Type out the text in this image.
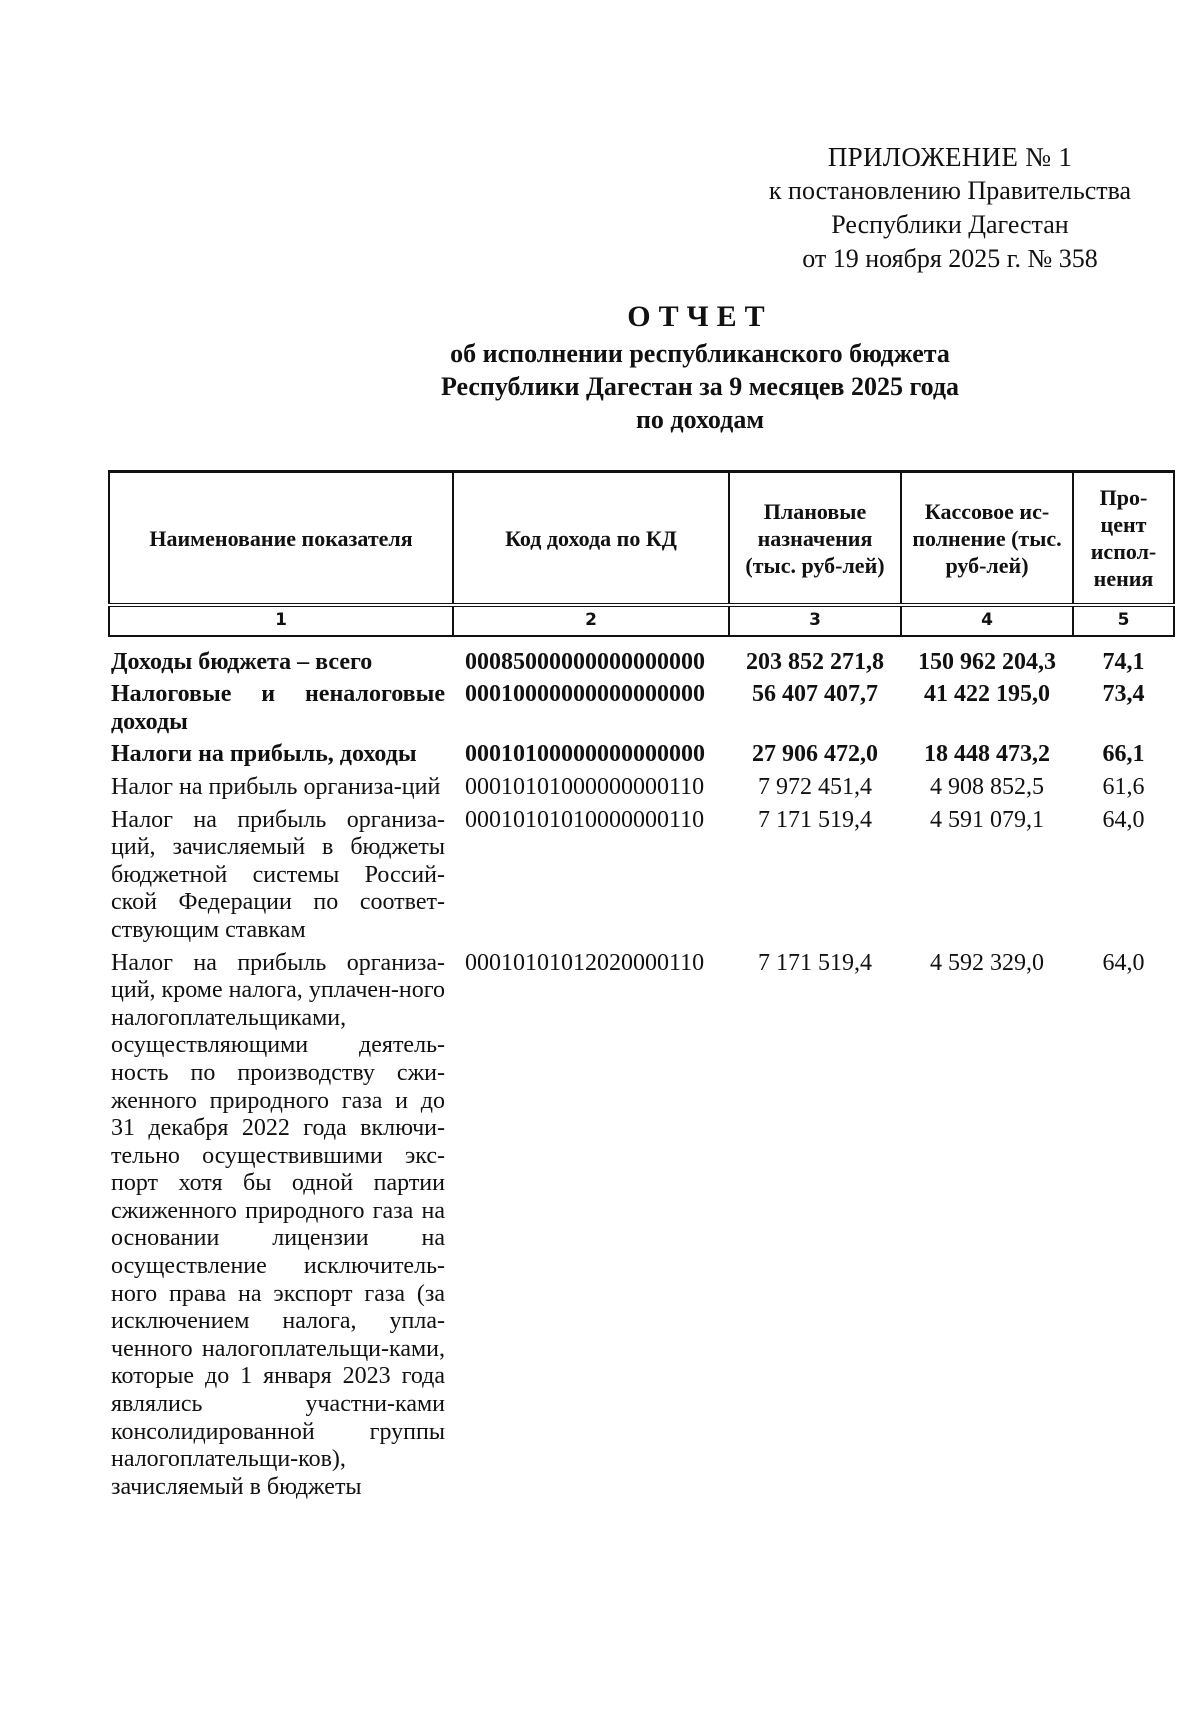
ПРИЛОЖЕНИЕ № 1
к постановлению Правительства
Республики Дагестан
от 19 ноября 2025 г. № 358
ОТЧЕТ
об исполнении республиканского бюджета
Республики Дагестан за 9 месяцев 2025 года
по доходам
Наименование показателя	Код дохода по КД	Плановые назначения (тыс. руб-лей)	Кассовое ис-полнение (тыс. руб-лей)	Про-цент испол-нения
1	2	3	4	5
Доходы бюджета – всего	00085000000000000000	203 852 271,8	150 962 204,3	74,1
Налоговые и неналоговые доходы	00010000000000000000	56 407 407,7	41 422 195,0	73,4
Налоги на прибыль, доходы	00010100000000000000	27 906 472,0	18 448 473,2	66,1
Налог на прибыль организа-ций	00010101000000000110	7 972 451,4	4 908 852,5	61,6
Налог на прибыль организа-ций, зачисляемый в бюджеты бюджетной системы Россий-ской Федерации по соответ-ствующим ставкам	00010101010000000110	7 171 519,4	4 591 079,1	64,0
Налог на прибыль организа-ций, кроме налога, уплачен-ного налогоплательщиками, осуществляющими деятель-ность по производству сжи-женного природного газа и до 31 декабря 2022 года включи-тельно осуществившими экс-порт хотя бы одной партии сжиженного природного газа на основании лицензии на осуществление исключитель-ного права на экспорт газа (за исключением налога, упла-ченного налогоплательщи-ками, которые до 1 января 2023 года являлись участни-ками консолидированной группы налогоплательщи-ков), зачисляемый в бюджеты	00010101012020000110	7 171 519,4	4 592 329,0	64,0
